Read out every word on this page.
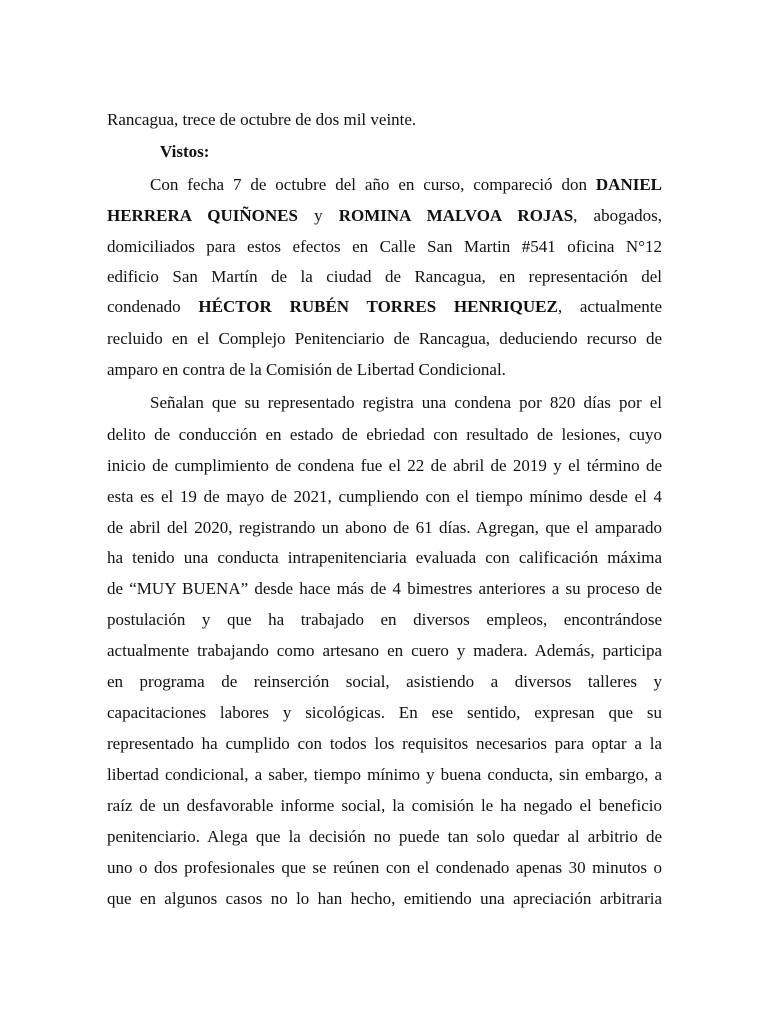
Rancagua, trece de octubre de dos mil veinte.
Vistos:
Con fecha 7 de octubre del año en curso, compareció don DANIEL
HERRERA QUIÑONES y ROMINA MALVOA ROJAS, abogados,
domiciliados para estos efectos en Calle San Martin #541 oficina N°12
edificio San Martín de la ciudad de Rancagua, en representación del
condenado HÉCTOR RUBÉN TORRES HENRIQUEZ, actualmente
recluido en el Complejo Penitenciario de Rancagua, deduciendo recurso de
amparo en contra de la Comisión de Libertad Condicional.
Señalan que su representado registra una condena por 820 días por el
delito de conducción en estado de ebriedad con resultado de lesiones, cuyo
inicio de cumplimiento de condena fue el 22 de abril de 2019 y el término de
esta es el 19 de mayo de 2021, cumpliendo con el tiempo mínimo desde el 4
de abril del 2020, registrando un abono de 61 días. Agregan, que el amparado
ha tenido una conducta intrapenitenciaria evaluada con calificación máxima
de “MUY BUENA” desde hace más de 4 bimestres anteriores a su proceso de
postulación y que ha trabajado en diversos empleos, encontrándose
actualmente trabajando como artesano en cuero y madera. Además, participa
en programa de reinserción social, asistiendo a diversos talleres y
capacitaciones labores y sicológicas. En ese sentido, expresan que su
representado ha cumplido con todos los requisitos necesarios para optar a la
libertad condicional, a saber, tiempo mínimo y buena conducta, sin embargo, a
raíz de un desfavorable informe social, la comisión le ha negado el beneficio
penitenciario. Alega que la decisión no puede tan solo quedar al arbitrio de
uno o dos profesionales que se reúnen con el condenado apenas 30 minutos o
que en algunos casos no lo han hecho, emitiendo una apreciación arbitraria
